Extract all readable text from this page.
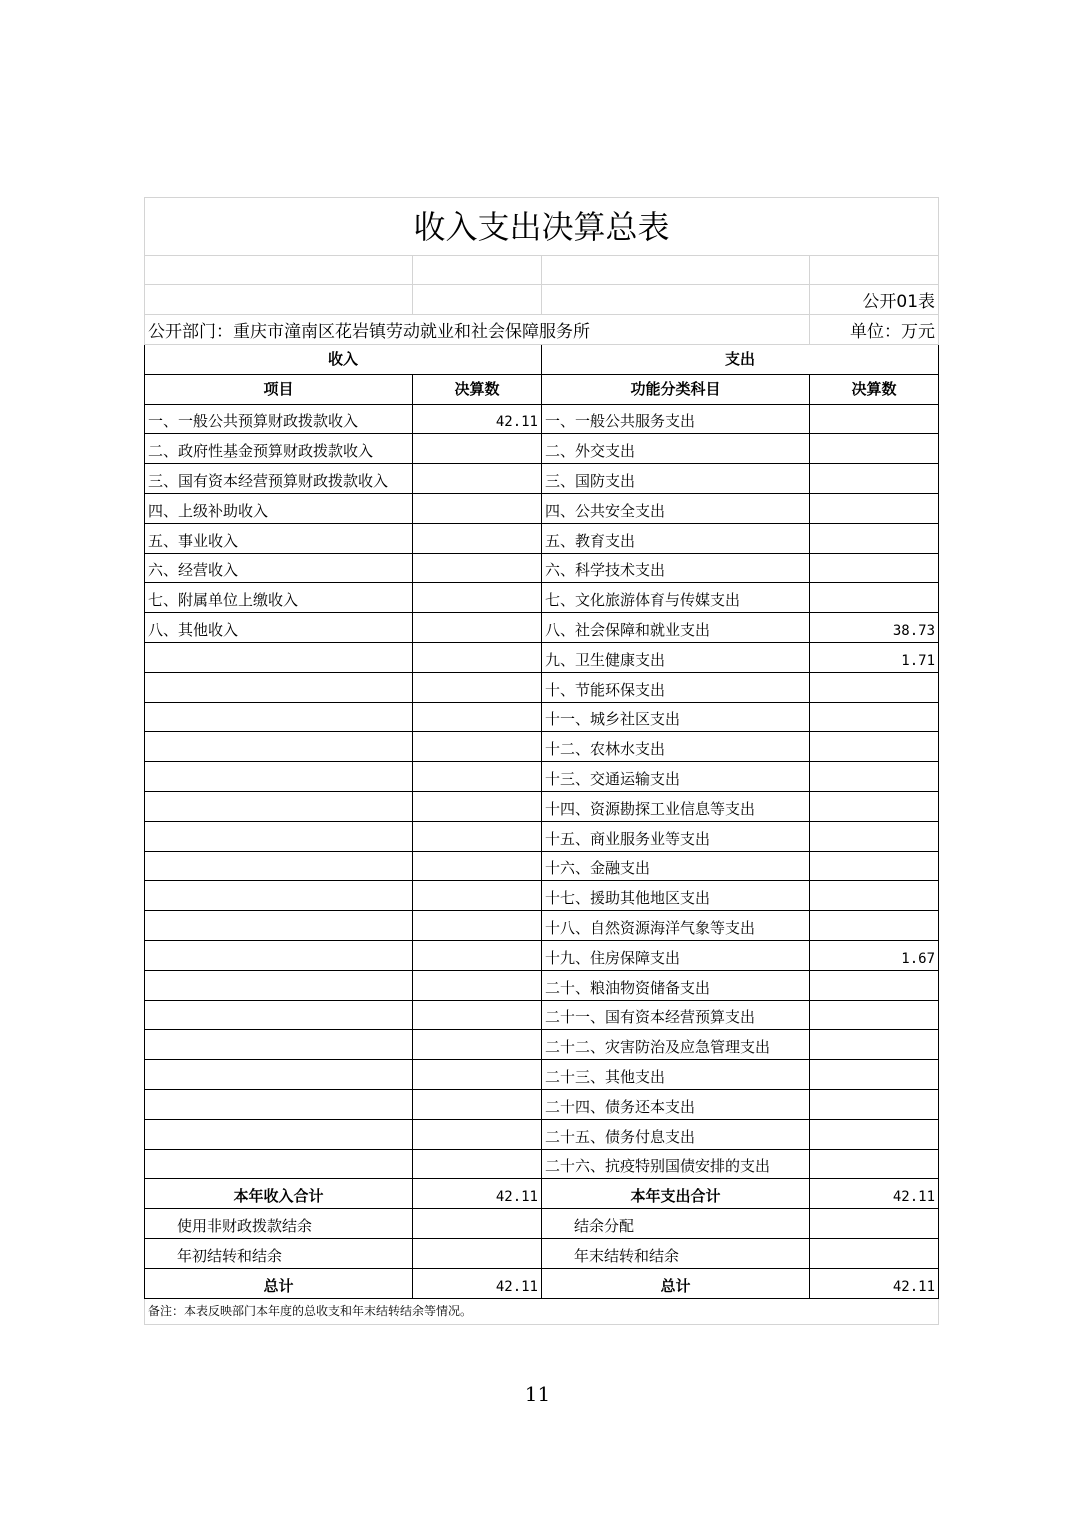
收入支出决算总表			

			公开01表
公开部门：重庆市潼南区花岩镇劳动就业和社会保障服务所			单位：万元
收入		支出	
项目	决算数	功能分类科目	决算数
一、一般公共预算财政拨款收入	42.11	一、一般公共服务支出	
二、政府性基金预算财政拨款收入		二、外交支出	
三、国有资本经营预算财政拨款收入		三、国防支出	
四、上级补助收入		四、公共安全支出	
五、事业收入		五、教育支出	
六、经营收入		六、科学技术支出	
七、附属单位上缴收入		七、文化旅游体育与传媒支出	
八、其他收入		八、社会保障和就业支出	38.73
		九、卫生健康支出	1.71
		十、节能环保支出	
		十一、城乡社区支出	
		十二、农林水支出	
		十三、交通运输支出	
		十四、资源勘探工业信息等支出	
		十五、商业服务业等支出	
		十六、金融支出	
		十七、援助其他地区支出	
		十八、自然资源海洋气象等支出	
		十九、住房保障支出	1.67
		二十、粮油物资储备支出	
		二十一、国有资本经营预算支出	
		二十二、灾害防治及应急管理支出	
		二十三、其他支出	
		二十四、债务还本支出	
		二十五、债务付息支出	
		二十六、抗疫特别国债安排的支出	
本年收入合计	42.11	本年支出合计	42.11
使用非财政拨款结余		结余分配	
年初结转和结余		年末结转和结余	
总计	42.11	总计	42.11
备注：本表反映部门本年度的总收支和年末结转结余等情况。			
11
